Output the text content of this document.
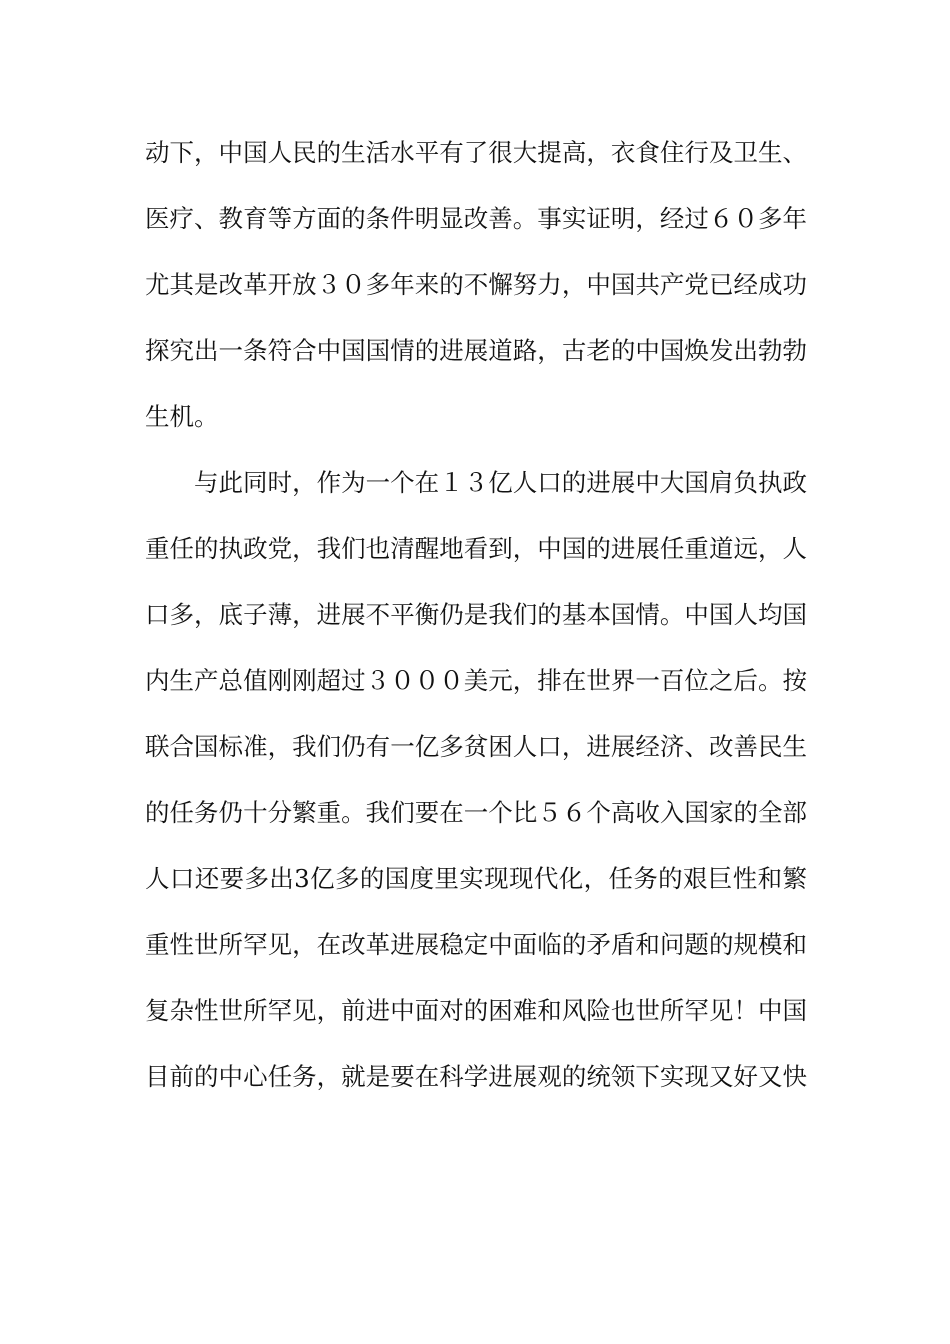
动下，中国人民的生活水平有了很大提高，衣食住行及卫生、
医疗、教育等方面的条件明显改善。事实证明，经过６０多年
尤其是改革开放３０多年来的不懈努力，中国共产党已经成功
探究出一条符合中国国情的进展道路，古老的中国焕发出勃勃
生机。
与此同时，作为一个在１３亿人口的进展中大国肩负执政
重任的执政党，我们也清醒地看到，中国的进展任重道远，人
口多，底子薄，进展不平衡仍是我们的基本国情。中国人均国
内生产总值刚刚超过３０００美元，排在世界一百位之后。按
联合国标准，我们仍有一亿多贫困人口，进展经济、改善民生
的任务仍十分繁重。我们要在一个比５６个高收入国家的全部
人口还要多出3亿多的国度里实现现代化，任务的艰巨性和繁
重性世所罕见，在改革进展稳定中面临的矛盾和问题的规模和
复杂性世所罕见，前进中面对的困难和风险也世所罕见！中国
目前的中心任务，就是要在科学进展观的统领下实现又好又快
